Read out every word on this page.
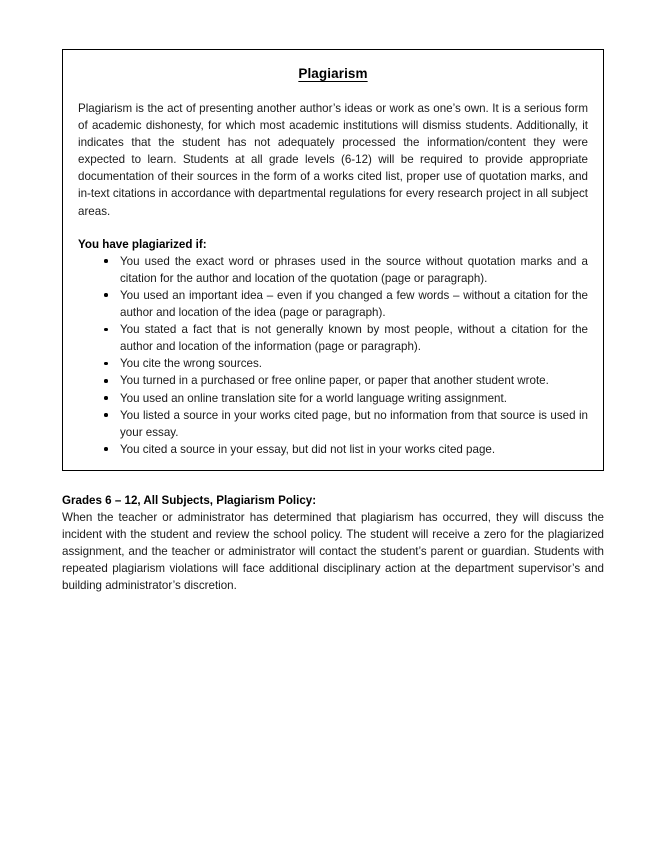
Plagiarism

Plagiarism is the act of presenting another author’s ideas or work as one’s own. It is a serious form of academic dishonesty, for which most academic institutions will dismiss students. Additionally, it indicates that the student has not adequately processed the information/content they were expected to learn. Students at all grade levels (6-12) will be required to provide appropriate documentation of their sources in the form of a works cited list, proper use of quotation marks, and in-text citations in accordance with departmental regulations for every research project in all subject areas.

You have plagiarized if:

You used the exact word or phrases used in the source without quotation marks and a citation for the author and location of the quotation (page or paragraph).
You used an important idea – even if you changed a few words – without a citation for the author and location of the idea (page or paragraph).
You stated a fact that is not generally known by most people, without a citation for the author and location of the information (page or paragraph).
You cite the wrong sources.
You turned in a purchased or free online paper, or paper that another student wrote.
You used an online translation site for a world language writing assignment.
You listed a source in your works cited page, but no information from that source is used in your essay.
You cited a source in your essay, but did not list in your works cited page.

Grades 6 – 12, All Subjects, Plagiarism Policy:

When the teacher or administrator has determined that plagiarism has occurred, they will discuss the incident with the student and review the school policy. The student will receive a zero for the plagiarized assignment, and the teacher or administrator will contact the student’s parent or guardian. Students with repeated plagiarism violations will face additional disciplinary action at the department supervisor’s and building administrator’s discretion.
